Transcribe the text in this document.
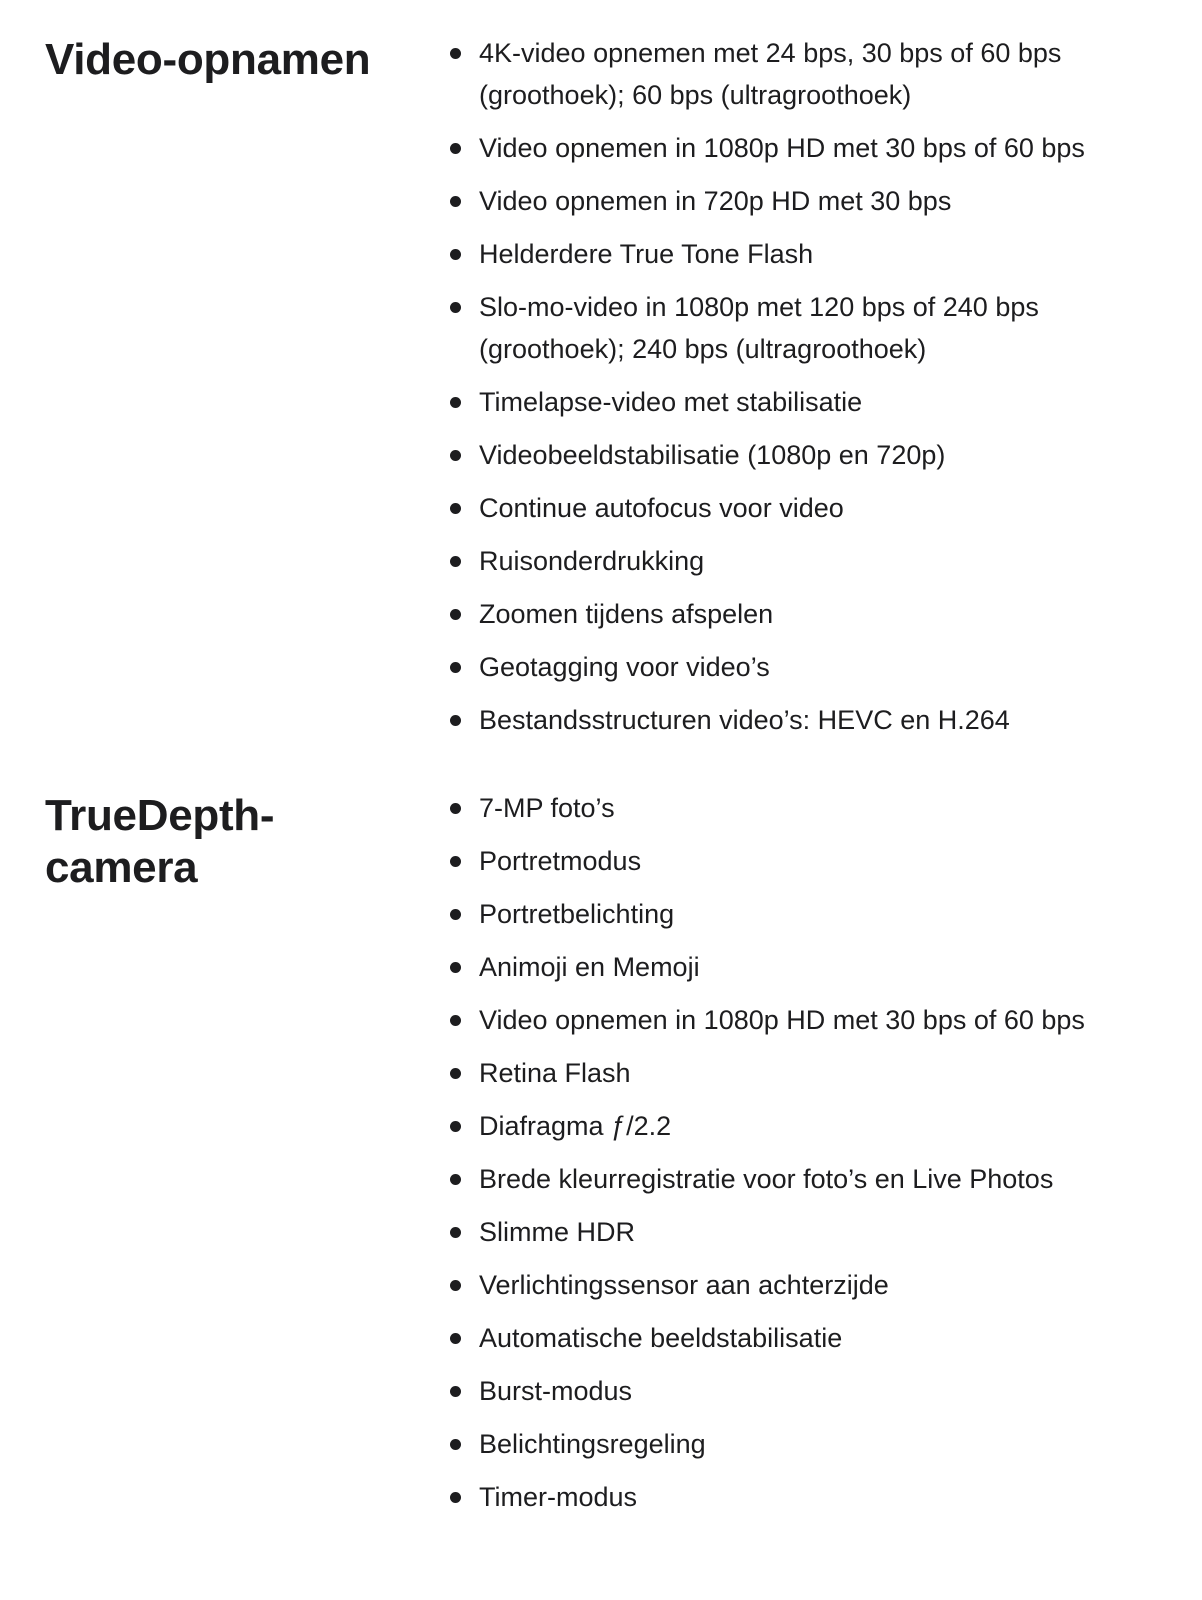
Video-opnamen	4K-video opnemen met 24 bps, 30 bps of 60 bps (groothoek); 60 bps (ultragroothoek)
Video opnemen in 1080p HD met 30 bps of 60 bps
Video opnemen in 720p HD met 30 bps
Helderdere True Tone Flash
Slo-mo-video in 1080p met 120 bps of 240 bps (groothoek); 240 bps (ultragroothoek)
Timelapse-video met stabilisatie
Videobeeldstabilisatie (1080p en 720p)
Continue autofocus voor video
Ruisonderdrukking
Zoomen tijdens afspelen
Geotagging voor video’s
Bestandsstructuren video’s: HEVC en H.264
TrueDepth-
camera
7-MP foto’s
Portretmodus
Portretbelichting
Animoji en Memoji
Video opnemen in 1080p HD met 30 bps of 60 bps
Retina Flash
Diafragma ƒ/2.2
Brede kleurregistratie voor foto’s en Live Photos
Slimme HDR
Verlichtingssensor aan achterzijde
Automatische beeldstabilisatie
Burst-modus
Belichtingsregeling
Timer-modus
